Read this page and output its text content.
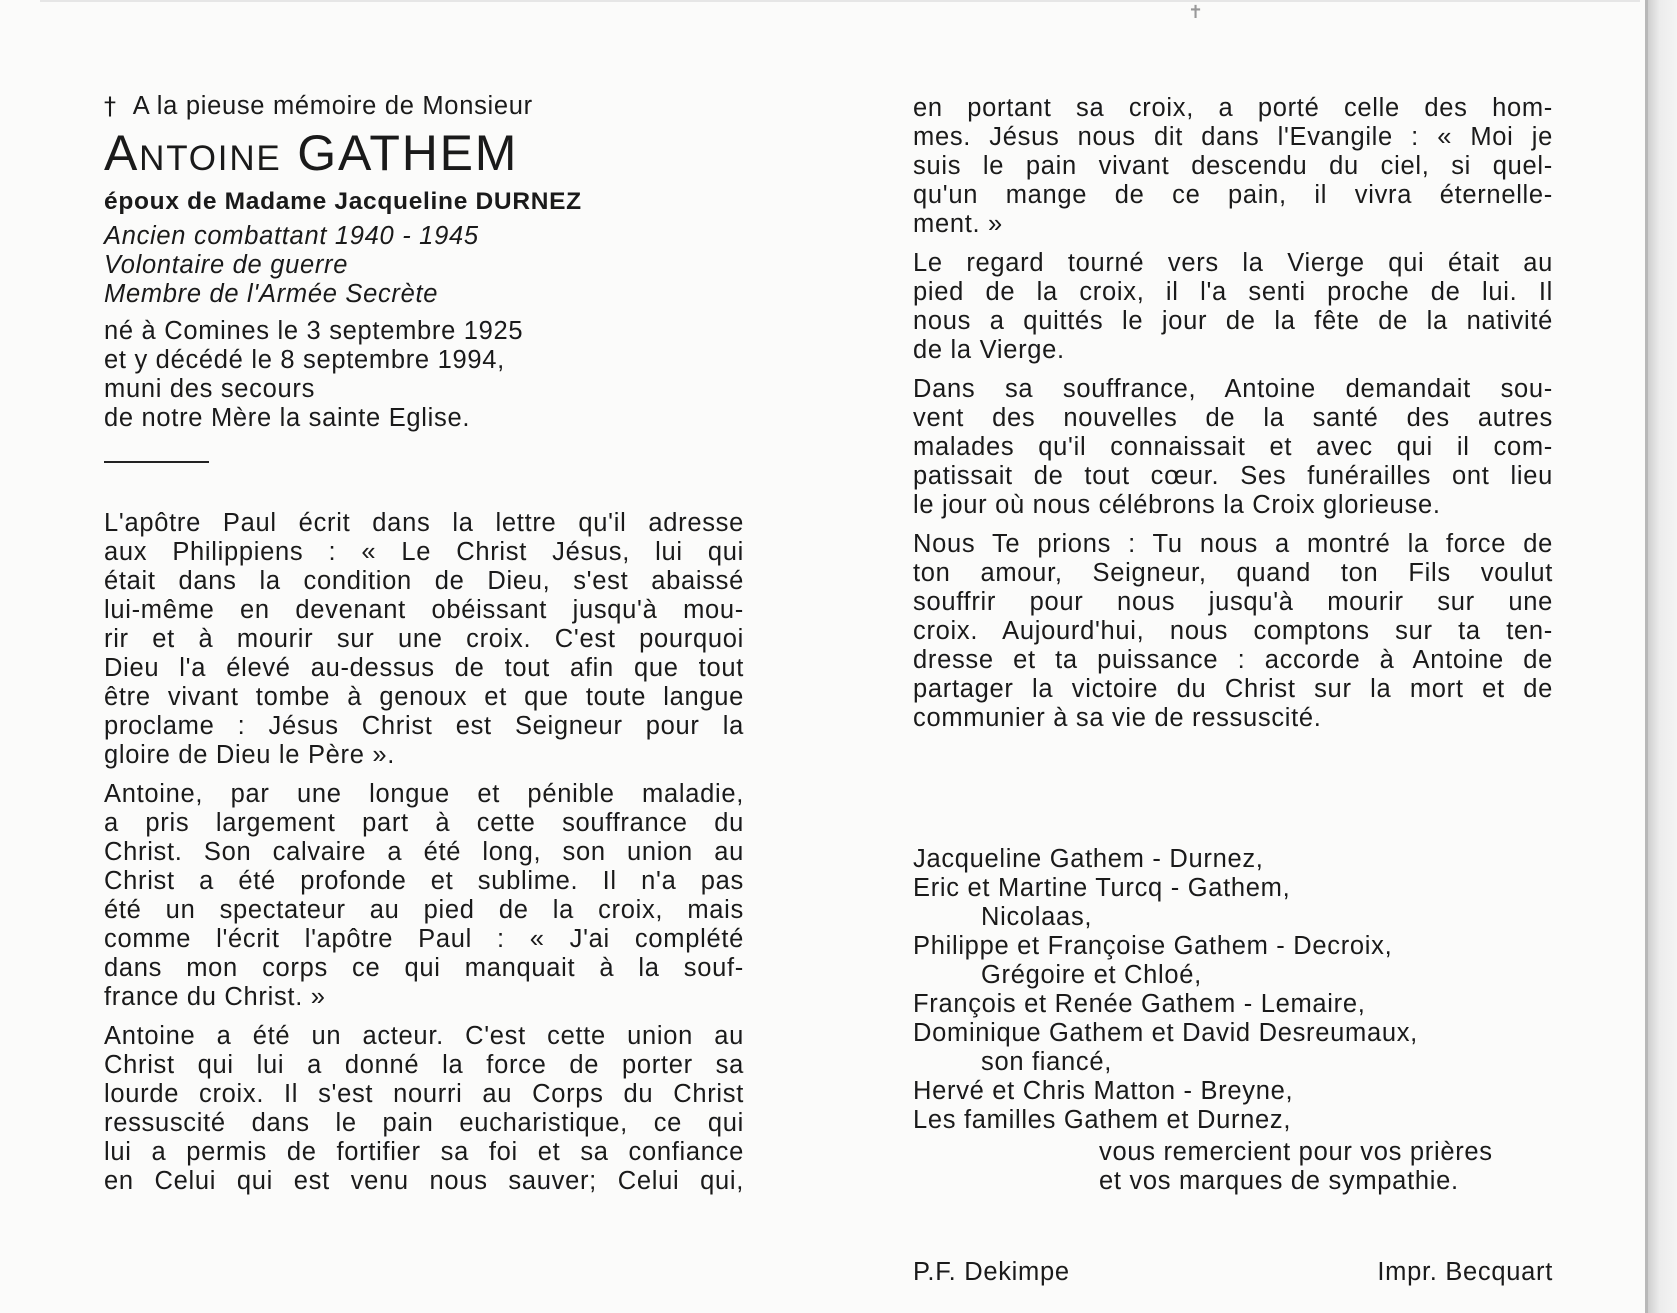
✝
† A la pieuse mémoire de Monsieur
Antoine GATHEM
époux de Madame Jacqueline DURNEZ
Ancien combattant 1940 - 1945
Volontaire de guerre
Membre de l'Armée Secrète
né à Comines le 3 septembre 1925
et y décédé le 8 septembre 1994,
muni des secours
de notre Mère la sainte Eglise.
L'apôtre Paul écrit dans la lettre qu'il adresse
aux Philippiens : « Le Christ Jésus, lui qui
était dans la condition de Dieu, s'est abaissé
lui-même en devenant obéissant jusqu'à mou-
rir et à mourir sur une croix. C'est pourquoi
Dieu l'a élevé au-dessus de tout afin que tout
être vivant tombe à genoux et que toute langue
proclame : Jésus Christ est Seigneur pour la
gloire de Dieu le Père ».
Antoine, par une longue et pénible maladie,
a pris largement part à cette souffrance du
Christ. Son calvaire a été long, son union au
Christ a été profonde et sublime. Il n'a pas
été un spectateur au pied de la croix, mais
comme l'écrit l'apôtre Paul : « J'ai complété
dans mon corps ce qui manquait à la souf-
france du Christ. »
Antoine a été un acteur. C'est cette union au
Christ qui lui a donné la force de porter sa
lourde croix. Il s'est nourri au Corps du Christ
ressuscité dans le pain eucharistique, ce qui
lui a permis de fortifier sa foi et sa confiance
en Celui qui est venu nous sauver; Celui qui,
en portant sa croix, a porté celle des hom-
mes. Jésus nous dit dans l'Evangile : « Moi je
suis le pain vivant descendu du ciel, si quel-
qu'un mange de ce pain, il vivra éternelle-
ment. »
Le regard tourné vers la Vierge qui était au
pied de la croix, il l'a senti proche de lui. Il
nous a quittés le jour de la fête de la nativité
de la Vierge.
Dans sa souffrance, Antoine demandait sou-
vent des nouvelles de la santé des autres
malades qu'il connaissait et avec qui il com-
patissait de tout cœur. Ses funérailles ont lieu
le jour où nous célébrons la Croix glorieuse.
Nous Te prions : Tu nous a montré la force de
ton amour, Seigneur, quand ton Fils voulut
souffrir pour nous jusqu'à mourir sur une
croix. Aujourd'hui, nous comptons sur ta ten-
dresse et ta puissance : accorde à Antoine de
partager la victoire du Christ sur la mort et de
communier à sa vie de ressuscité.
Jacqueline Gathem - Durnez,
Eric et Martine Turcq - Gathem,
Nicolaas,
Philippe et Françoise Gathem - Decroix,
Grégoire et Chloé,
François et Renée Gathem - Lemaire,
Dominique Gathem et David Desreumaux,
son fiancé,
Hervé et Chris Matton - Breyne,
Les familles Gathem et Durnez,
vous remercient pour vos prières
et vos marques de sympathie.
P.F. Dekimpe	Impr. Becquart
